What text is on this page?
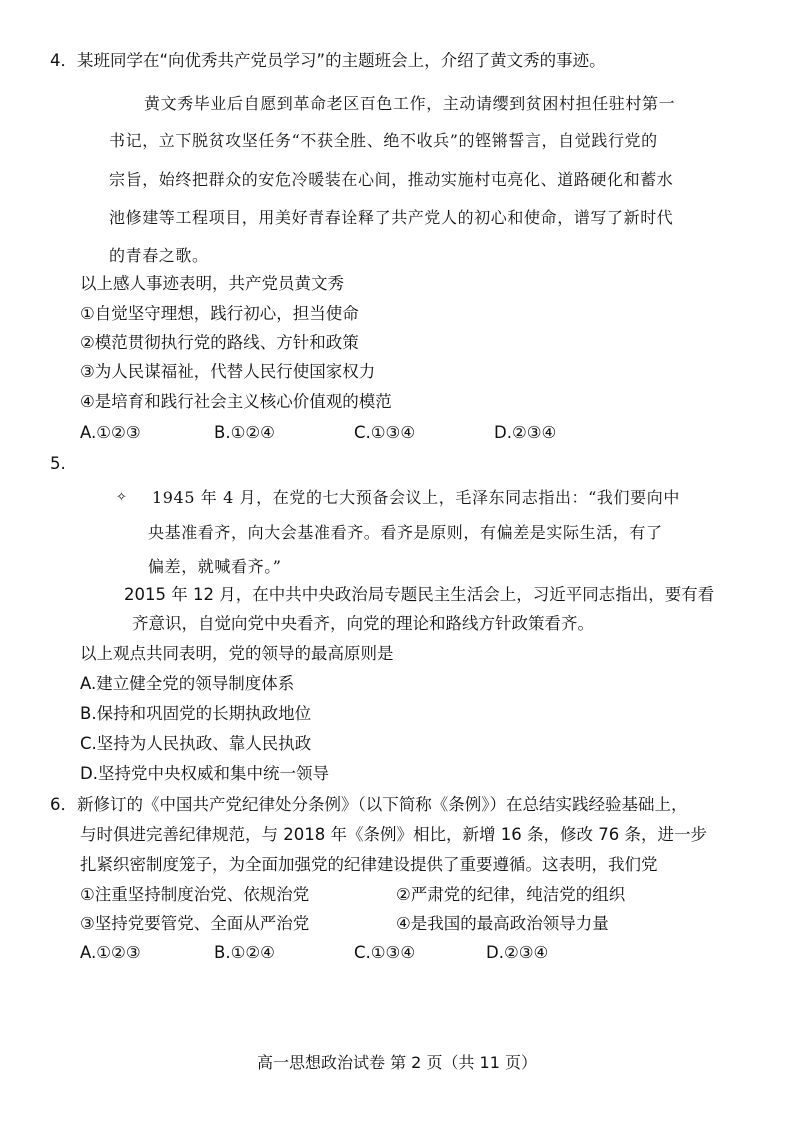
4．某班同学在“向优秀共产党员学习”的主题班会上，介绍了黄文秀的事迹。
黄文秀毕业后自愿到革命老区百色工作，主动请缨到贫困村担任驻村第一
书记，立下脱贫攻坚任务“不获全胜、绝不收兵”的铿锵誓言，自觉践行党的
宗旨，始终把群众的安危冷暖装在心间，推动实施村屯亮化、道路硬化和蓄水
池修建等工程项目，用美好青春诠释了共产党人的初心和使命，谱写了新时代
的青春之歌。
以上感人事迹表明，共产党员黄文秀
①自觉坚守理想，践行初心，担当使命
②模范贯彻执行党的路线、方针和政策
③为人民谋福祉，代替人民行使国家权力
④是培育和践行社会主义核心价值观的模范
A.①②③	B.①②④	C.①③④	D.②③④
5.
✧ 1945 年 4 月，在党的七大预备会议上，毛泽东同志指出：“我们要向中
央基准看齐，向大会基准看齐。看齐是原则，有偏差是实际生活，有了
偏差，就喊看齐。”
2015 年 12 月，在中共中央政治局专题民主生活会上，习近平同志指出，要有看
齐意识，自觉向党中央看齐，向党的理论和路线方针政策看齐。
以上观点共同表明，党的领导的最高原则是
A.建立健全党的领导制度体系
B.保持和巩固党的长期执政地位
C.坚持为人民执政、靠人民执政
D.坚持党中央权威和集中统一领导
6．新修订的《中国共产党纪律处分条例》（以下简称《条例》）在总结实践经验基础上，
与时俱进完善纪律规范，与 2018 年《条例》相比，新增 16 条，修改 76 条，进一步
扎紧织密制度笼子，为全面加强党的纪律建设提供了重要遵循。这表明，我们党
①注重坚持制度治党、依规治党	②严肃党的纪律，纯洁党的组织
③坚持党要管党、全面从严治党	④是我国的最高政治领导力量
A.①②③	B.①②④	C.①③④	D.②③④
高一思想政治试卷 第 2 页（共 11 页）
